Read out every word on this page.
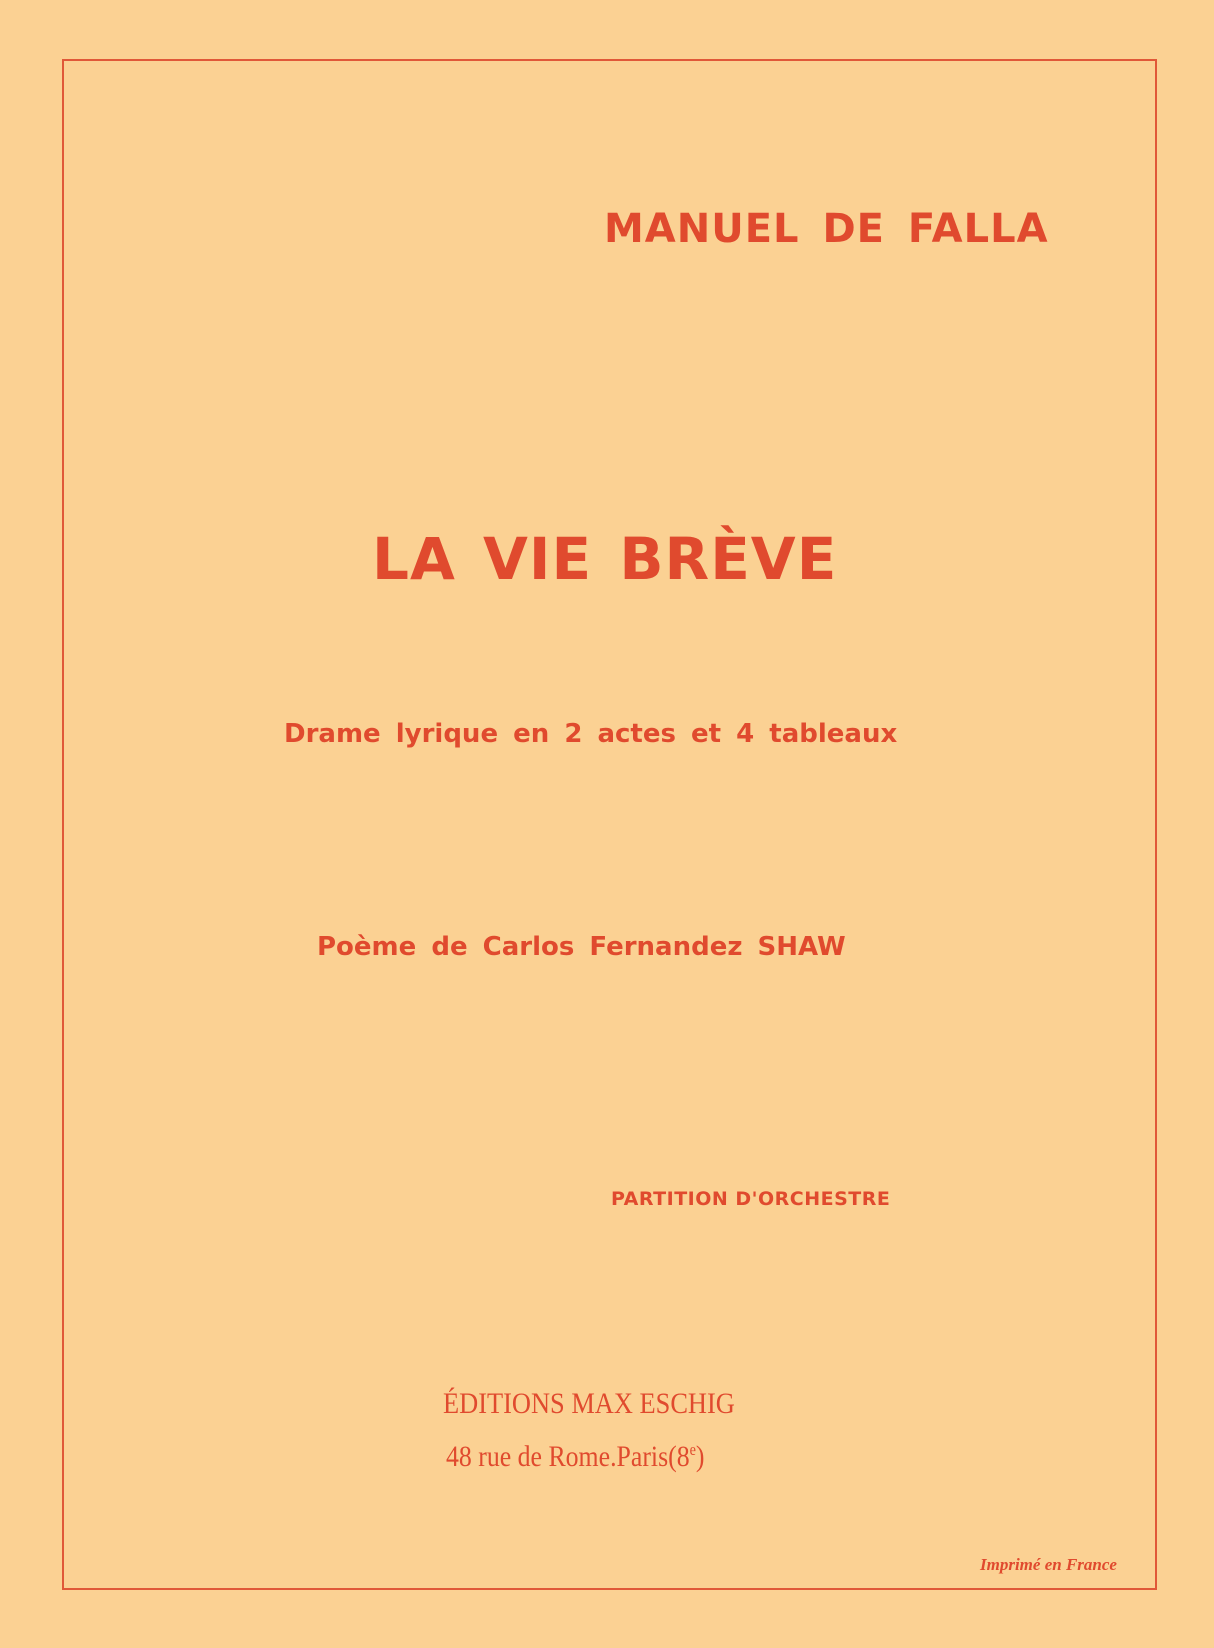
MANUEL DE FALLA
LA VIE BRÈVE
Drame lyrique en 2 actes et 4 tableaux
Poème de Carlos Fernandez SHAW
PARTITION D'ORCHESTRE
ÉDITIONS MAX ESCHIG
48 rue de Rome.Paris(8e)
Imprimé en France
